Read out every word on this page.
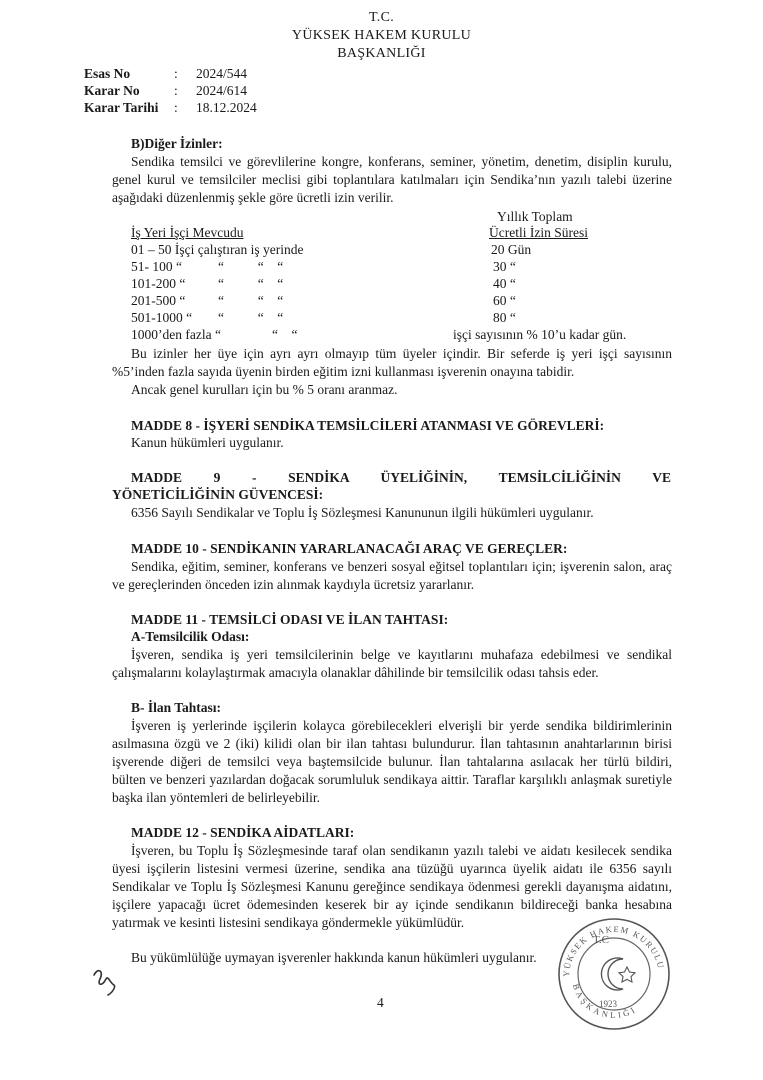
T.C.
YÜKSEK HAKEM KURULU
BAŞKANLIĞI
Esas No	: 2024/544
Karar No	: 2024/614
Karar Tarihi : 18.12.2024
B)Diğer İzinler:
Sendika temsilci ve görevlilerine kongre, konferans, seminer, yönetim, denetim, disiplin kurulu, genel kurul ve temsilciler meclisi gibi toplantılara katılmaları için Sendika’nın yazılı talebi üzerine aşağıdaki düzenlenmiş şekle göre ücretli izin verilir.
Yıllık Toplam
İş Yeri İşçi Mevcudu	Ücretli İzin Süresi
01 – 50 İşçi çalıştıran iş yerinde	20 Gün
51- 100 “	“          “    “	30 “
101-200 “ “          “    “	40 “
201-500 “ “          “    “	60 “
501-1000 “ “          “    “	80 “
1000’den fazla “	“    “	işçi sayısının % 10’u kadar gün.
Bu izinler her üye için ayrı ayrı olmayıp tüm üyeler içindir. Bir seferde iş yeri işçi sayısının %5’inden fazla sayıda üyenin birden eğitim izni kullanması işverenin onayına tabidir.
Ancak genel kurulları için bu % 5 oranı aranmaz.
MADDE 8 - İŞYERİ SENDİKA TEMSİLCİLERİ ATANMASI VE GÖREVLERİ:
Kanun hükümleri uygulanır.
MADDE 9 - SENDİKA ÜYELİĞİNİN, TEMSİLCİLİĞİNİN VE
YÖNETİCİLİĞİNİN GÜVENCESİ:
6356 Sayılı Sendikalar ve Toplu İş Sözleşmesi Kanununun ilgili hükümleri uygulanır.
MADDE 10 - SENDİKANIN YARARLANACAĞI ARAÇ VE GEREÇLER:
Sendika, eğitim, seminer, konferans ve benzeri sosyal eğitsel toplantıları için; işverenin salon, araç ve gereçlerinden önceden izin alınmak kaydıyla ücretsiz yararlanır.
MADDE 11 - TEMSİLCİ ODASI VE İLAN TAHTASI:
A-Temsilcilik Odası:
İşveren, sendika iş yeri temsilcilerinin belge ve kayıtlarını muhafaza edebilmesi ve sendikal çalışmalarını kolaylaştırmak amacıyla olanaklar dâhilinde bir temsilcilik odası tahsis eder.
B- İlan Tahtası:
İşveren iş yerlerinde işçilerin kolayca görebilecekleri elverişli bir yerde sendika bildirimlerinin asılmasına özgü ve 2 (iki) kilidi olan bir ilan tahtası bulundurur. İlan tahtasının anahtarlarının birisi işverende diğeri de temsilci veya baştemsilcide bulunur. İlan tahtalarına asılacak her türlü bildiri, bülten ve benzeri yazılardan doğacak sorumluluk sendikaya aittir. Taraflar karşılıklı anlaşmak suretiyle başka ilan yöntemleri de belirleyebilir.
MADDE 12 - SENDİKA AİDATLARI:
İşveren, bu Toplu İş Sözleşmesinde taraf olan sendikanın yazılı talebi ve aidatı kesilecek sendika üyesi işçilerin listesini vermesi üzerine, sendika ana tüzüğü uyarınca üyelik aidatı ile 6356 sayılı Sendikalar ve Toplu İş Sözleşmesi Kanunu gereğince sendikaya ödenmesi gerekli dayanışma aidatını, işçilere yapacağı ücret ödemesinden keserek bir ay içinde sendikanın bildireceği banka hesabına yatırmak ve kesinti listesini sendikaya göndermekle yükümlüdür.
Bu yükümlülüğe uymayan işverenler hakkında kanun hükümleri uygulanır.
4
T.C
1923
YÜKSEK HAKEM KURULU
BAŞKANLIĞI
